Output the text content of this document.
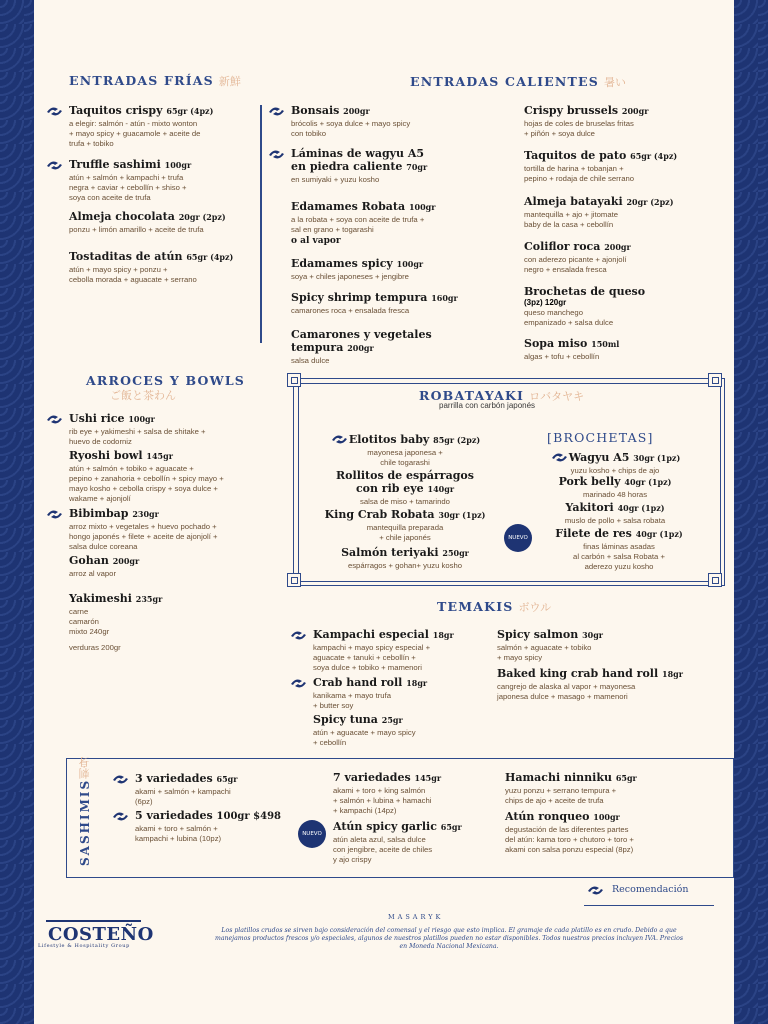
ENTRADAS FRÍAS 新鮮	ENTRADAS CALIENTES 暑い
Taquitos crispy 65gr (4pz)
a elegir: salmón - atún - mixto wonton
+ mayo spicy + guacamole + aceite de
trufa + tobiko
Truffle sashimi 100gr
atún + salmón + kampachi + trufa
negra + caviar + cebollín + shiso +
soya con aceite de trufa
Almeja chocolata 20gr (2pz)
ponzu + limón amarillo + aceite de trufa
Tostaditas de atún 65gr (4pz)
atún + mayo spicy + ponzu +
cebolla morada + aguacate + serrano
Bonsais 200gr
brócolis + soya dulce + mayo spicy
con tobiko
Láminas de wagyu A5
en piedra caliente 70gr
en sumiyaki + yuzu kosho
Edamames Robata 100gr
a la robata + soya con aceite de trufa +
sal en grano + togarashi
o al vapor
Edamames spicy 100gr
soya + chiles japoneses + jengibre
Spicy shrimp tempura 160gr
camarones roca + ensalada fresca
Camarones y vegetales
tempura 200gr
salsa dulce
Crispy brussels 200gr
hojas de coles de bruselas fritas
+ piñón + soya dulce
Taquitos de pato 65gr (4pz)
tortilla de harina + tobanjan +
pepino + rodaja de chile serrano
Almeja batayaki 20gr (2pz)
mantequilla + ajo + jitomate
baby de la casa + cebollín
Coliflor roca 200gr
con aderezo picante + ajonjolí
negro + ensalada fresca
Brochetas de queso
(3pz) 120gr
queso manchego
empanizado + salsa dulce
Sopa miso 150ml
algas + tofu + cebollín
ARROCES Y BOWLS
ご飯と茶わん
Ushi rice 100gr
rib eye + yakimeshi + salsa de shitake +
huevo de codorniz
Ryoshi bowl 145gr
atún + salmón + tobiko + aguacate +
pepino + zanahoria + cebollín + spicy mayo +
mayo kosho + cebolla crispy + soya dulce +
wakame + ajonjolí
Bibimbap 230gr
arroz mixto + vegetales + huevo pochado +
hongo japonés + filete + aceite de ajonjolí +
salsa dulce coreana
Gohan 200gr
arroz al vapor
Yakimeshi 235gr
carne
camarón
mixto 240gr
verduras 200gr
ROBATAYAKI ロバタヤキ
parrilla con carbón japonés
[BROCHETAS]
Elotitos baby 85gr (2pz)
mayonesa japonesa +
chile togarashi
Rollitos de espárragos
con rib eye 140gr
salsa de miso + tamarindo
King Crab Robata 30gr (1pz)
mantequilla preparada
+ chile japonés
Salmón teriyaki 250gr
espárragos + gohan+ yuzu kosho
Wagyu A5 30gr (1pz)
yuzu kosho + chips de ajo
Pork belly 40gr (1pz)
marinado 48 horas
Yakitori 40gr (1pz)
muslo de pollo + salsa robata
NUEVO	Filete de res 40gr (1pz)
finas láminas asadas
al carbón + salsa Robata +
aderezo yuzu kosho
TEMAKIS ボウル
Kampachi especial 18gr
kampachi + mayo spicy especial +
aguacate + tanuki + cebollín +
soya dulce + tobiko + mamenori
Crab hand roll 18gr
kanikama + mayo trufa
+ butter soy
Spicy tuna 25gr
atún + aguacate + mayo spicy
+ cebollín
Spicy salmon 30gr
salmón + aguacate + tobiko
+ mayo spicy
Baked king crab hand roll 18gr
cangrejo de alaska al vapor + mayonesa
japonesa dulce + masago + mamenori
3 variedades 65gr
akami + salmón + kampachi
(6pz)
5 variedades 100gr $498
akami + toro + salmón +
kampachi + lubina (10pz)
7 variedades 145gr
akami + toro + king salmón
+ salmón + lubina + hamachi
+ kampachi (14pz)
NUEVO
Atún spicy garlic 65gr
atún aleta azul, salsa dulce
con jengibre, aceite de chiles
y ajo crispy
Hamachi ninniku 65gr
yuzu ponzu + serrano tempura +
chips de ajo + aceite de trufa
Atún ronqueo 100gr
degustación de las diferentes partes
del atún: kama toro + chutoro + toro +
akami con salsa ponzu especial (8pz)
Recomendación
COSTEÑO
Lifestyle & Hospitality Group
MASARYK
Los platillos crudos se sirven bajo consideración del comensal y el riesgo que esto implica. El gramaje de cada platillo es en crudo. Debido a que manejamos productos frescos y/o especiales, algunos de nuestros platillos pueden no estar disponibles. Todos nuestros precios incluyen IVA. Precios en Moneda Nacional Mexicana.
SASHIMIS刺身
